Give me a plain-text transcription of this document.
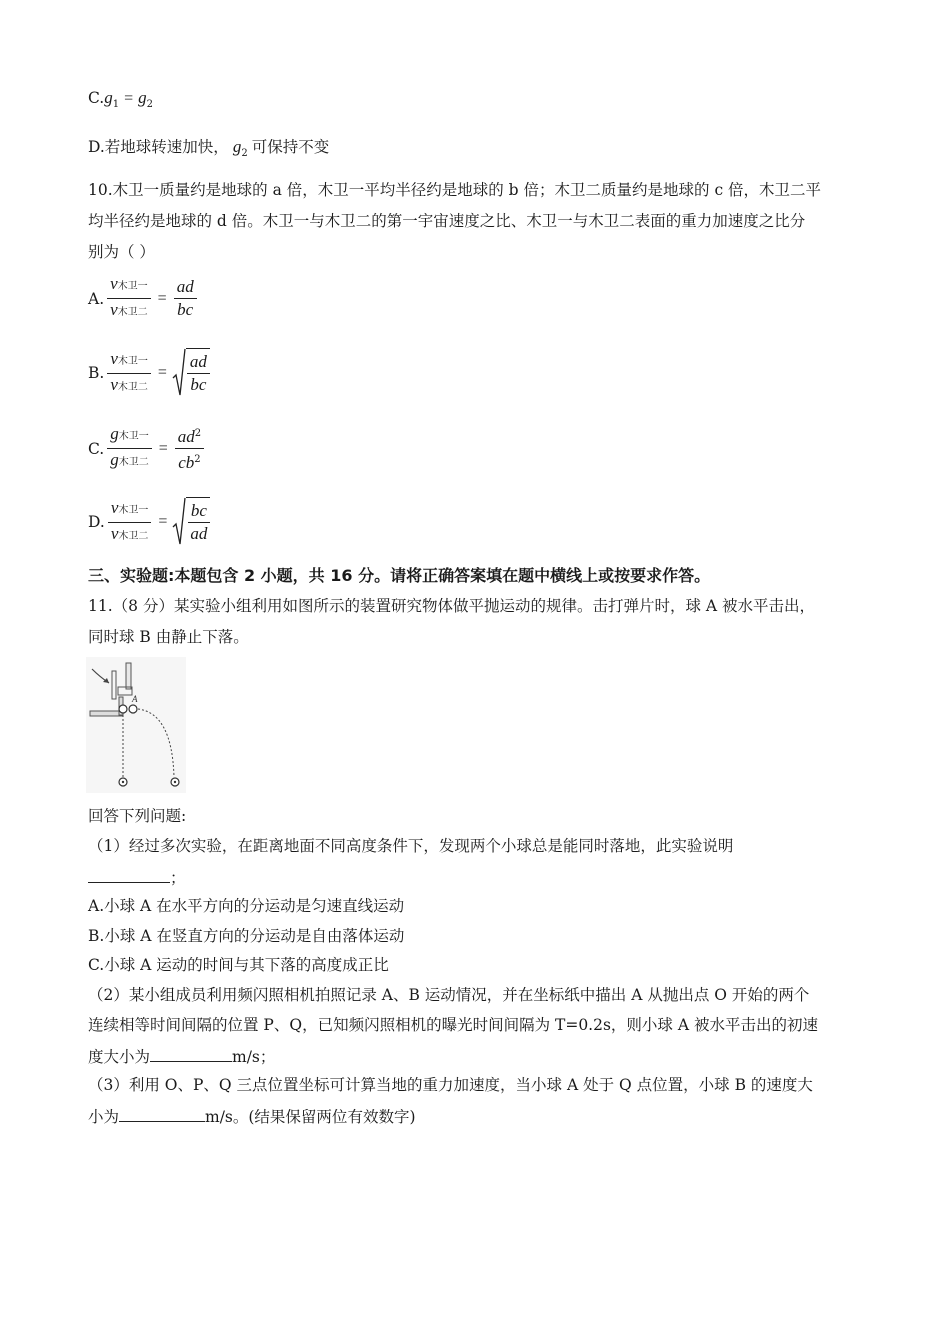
$C.g_1 = g_2$
D.若地球转速加快， $g_2$ 可保持不变
10.木卫一质量约是地球的 a 倍，木卫一平均半径约是地球的 b 倍；木卫二质量约是地球的 c 倍，木卫二平
均半径约是地球的 d 倍。木卫一与木卫二的第一宇宙速度之比、木卫一与木卫二表面的重力加速度之比分
别为（ ）
A. $\frac{\text{v木卫一}}{\text{v木卫二}} = \frac{ad}{bc}$
B. $\frac{\text{v木卫一}}{\text{v木卫二}} = \frac{ad}{bc}$
C. $\frac{\text{g木卫一}}{\text{g木卫二}} = \frac{ad^2}{cb^2}$
D. $\frac{\text{v木卫一}}{\text{v木卫二}} = \frac{bc}{ad}$
三、实验题:本题包含 2 小题，共 16 分。请将正确答案填在题中横线上或按要求作答。
11.（8 分）某实验小组利用如图所示的装置研究物体做平抛运动的规律。击打弹片时，球 A 被水平击出，
同时球 B 由静止下落。
A
回答下列问题:
（1）经过多次实验，在距离地面不同高度条件下，发现两个小球总是能同时落地，此实验说明
；
A.小球 A 在水平方向的分运动是匀速直线运动
B.小球 A 在竖直方向的分运动是自由落体运动
C.小球 A 运动的时间与其下落的高度成正比
（2）某小组成员利用频闪照相机拍照记录 A、B 运动情况，并在坐标纸中描出 A 从抛出点 O 开始的两个
连续相等时间间隔的位置 P、Q，已知频闪照相机的曝光时间间隔为 T=0.2s，则小球 A 被水平击出的初速
度大小为	m/s；
（3）利用 O、P、Q 三点位置坐标可计算当地的重力加速度，当小球 A 处于 Q 点位置，小球 B 的速度大
小为	m/s。(结果保留两位有效数字)
